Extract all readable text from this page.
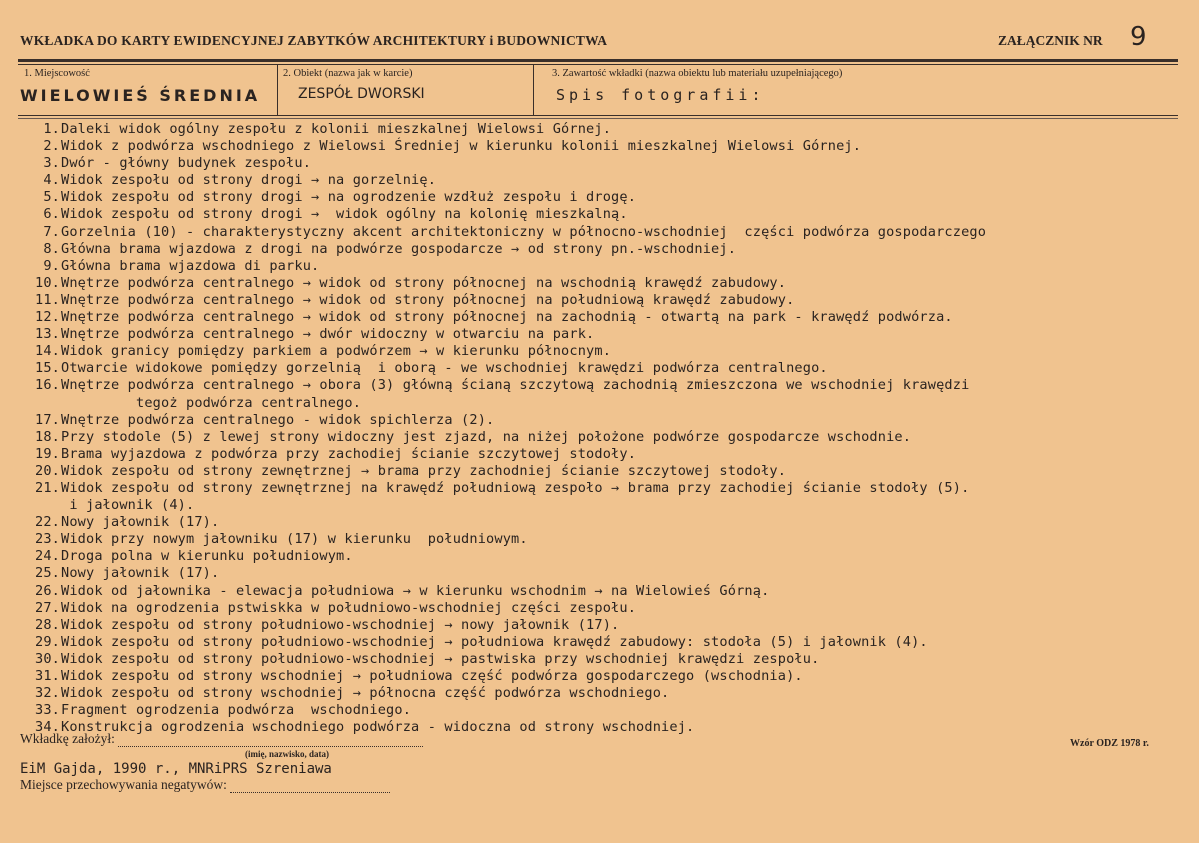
WKŁADKA DO KARTY EWIDENCYJNEJ ZABYTKÓW ARCHITEKTURY i BUDOWNICTWA	ZAŁĄCZNIK NR 9
1. Miejscowość	2. Obiekt (nazwa jak w karcie)	3. Zawartość wkładki (nazwa obiektu lub materiału uzupełniającego)
WIELOWIEŚ ŚREDNIA	ZESPÓŁ DWORSKI	Spis fotografii:
1. Daleki widok ogólny zespołu z kolonii mieszkalnej Wielowsi Górnej.
2. Widok z podwórza wschodniego z Wielowsi Średniej w kierunku kolonii mieszkalnej Wielowsi Górnej.
3. Dwór - główny budynek zespołu.
4. Widok zespołu od strony drogi → na gorzelnię.
5. Widok zespołu od strony drogi → na ogrodzenie wzdłuż zespołu i drogę.
6. Widok zespołu od strony drogi →  widok ogólny na kolonię mieszkalną.
7. Gorzelnia (10) - charakterystyczny akcent architektoniczny w północno-wschodniej  części podwórza gospodarczego
8. Główna brama wjazdowa z drogi na podwórze gospodarcze → od strony pn.-wschodniej.
9. Główna brama wjazdowa di parku.
10. Wnętrze podwórza centralnego → widok od strony północnej na wschodnią krawędź zabudowy.
11. Wnętrze podwórza centralnego → widok od strony północnej na południową krawędź zabudowy.
12. Wnętrze podwórza centralnego → widok od strony północnej na zachodnią - otwartą na park - krawędź podwórza.
13. Wnętrze podwórza centralnego → dwór widoczny w otwarciu na park.
14. Widok granicy pomiędzy parkiem a podwórzem → w kierunku północnym.
15. Otwarcie widokowe pomiędzy gorzelnią  i oborą - we wschodniej krawędzi podwórza centralnego.
16. Wnętrze podwórza centralnego → obora (3) główną ścianą szczytową zachodnią zmieszczona we wschodniej krawędzi
tegoż podwórza centralnego.
17. Wnętrze podwórza centralnego - widok spichlerza (2).
18. Przy stodole (5) z lewej strony widoczny jest zjazd, na niżej położone podwórze gospodarcze wschodnie.
19. Brama wyjazdowa z podwórza przy zachodiej ścianie szczytowej stodoły.
20. Widok zespołu od strony zewnętrznej → brama przy zachodniej ścianie szczytowej stodoły.
21. Widok zespołu od strony zewnętrznej na krawędź południową zespoło → brama przy zachodiej ścianie stodoły (5).
i jałownik (4).
22. Nowy jałownik (17).
23. Widok przy nowym jałowniku (17) w kierunku  południowym.
24. Droga polna w kierunku południowym.
25. Nowy jałownik (17).
26. Widok od jałownika - elewacja południowa → w kierunku wschodnim → na Wielowieś Górną.
27. Widok na ogrodzenia pstwiskka w południowo-wschodniej części zespołu.
28. Widok zespołu od strony południowo-wschodniej → nowy jałownik (17).
29. Widok zespołu od strony południowo-wschodniej → południowa krawędź zabudowy: stodoła (5) i jałownik (4).
30. Widok zespołu od strony południowo-wschodniej → pastwiska przy wschodniej krawędzi zespołu.
31. Widok zespołu od strony wschodniej → południowa część podwórza gospodarczego (wschodnia).
32. Widok zespołu od strony wschodniej → północna część podwórza wschodniego.
33. Fragment ogrodzenia podwórza  wschodniego.
34. Konstrukcja ogrodzenia wschodniego podwórza - widoczna od strony wschodniej.
Wkładkę założył:
(imię, nazwisko, data)
EiM Gajda, 1990 r., MNRiPRS Szreniawa
Miejsce przechowywania negatywów:
Wzór ODZ 1978 r.
